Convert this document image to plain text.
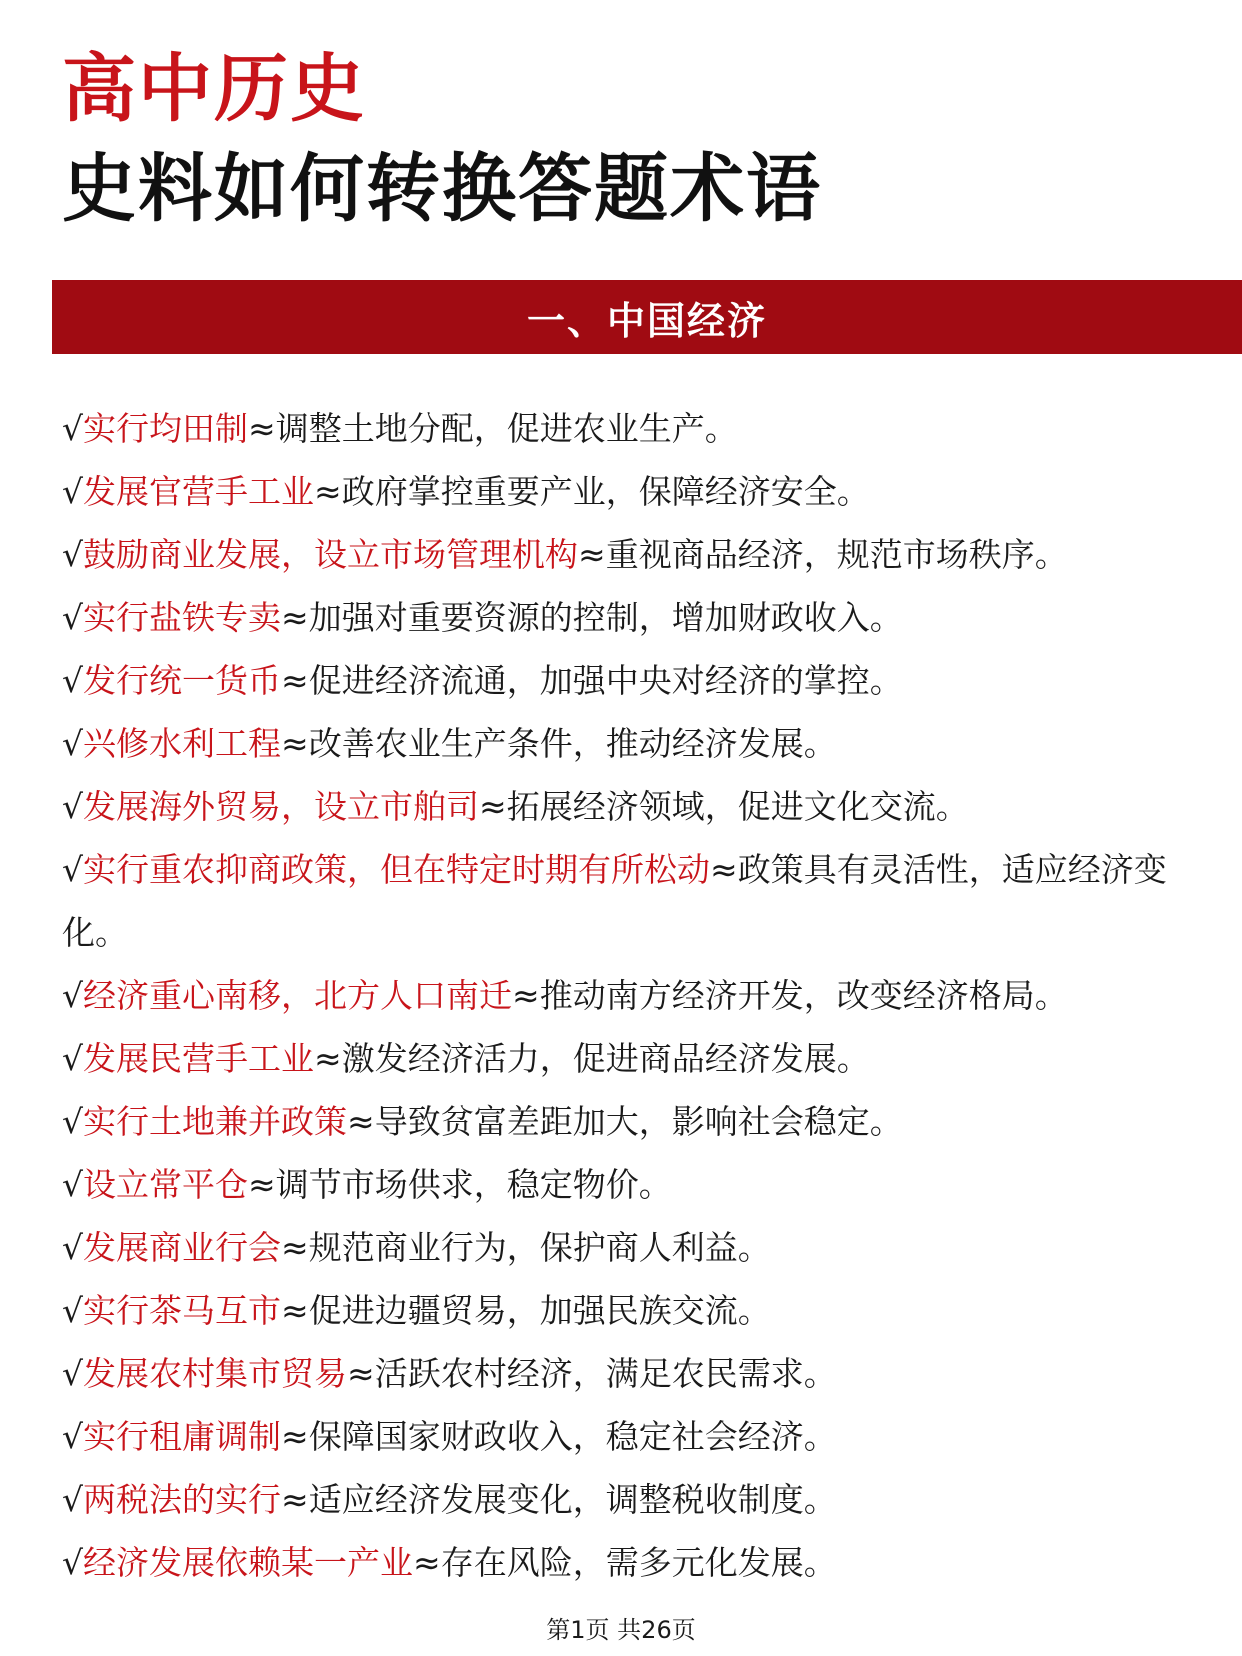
高中历史
史料如何转换答题术语
一、中国经济
√实行均田制≈调整土地分配，促进农业生产。
√发展官营手工业≈政府掌控重要产业，保障经济安全。
√鼓励商业发展，设立市场管理机构≈重视商品经济，规范市场秩序。
√实行盐铁专卖≈加强对重要资源的控制，增加财政收入。
√发行统一货币≈促进经济流通，加强中央对经济的掌控。
√兴修水利工程≈改善农业生产条件，推动经济发展。
√发展海外贸易，设立市舶司≈拓展经济领域，促进文化交流。
√实行重农抑商政策，但在特定时期有所松动≈政策具有灵活性，适应经济变化。
√经济重心南移，北方人口南迁≈推动南方经济开发，改变经济格局。
√发展民营手工业≈激发经济活力，促进商品经济发展。
√实行土地兼并政策≈导致贫富差距加大，影响社会稳定。
√设立常平仓≈调节市场供求，稳定物价。
√发展商业行会≈规范商业行为，保护商人利益。
√实行茶马互市≈促进边疆贸易，加强民族交流。
√发展农村集市贸易≈活跃农村经济，满足农民需求。
√实行租庸调制≈保障国家财政收入，稳定社会经济。
√两税法的实行≈适应经济发展变化，调整税收制度。
√经济发展依赖某一产业≈存在风险，需多元化发展。
第1页 共26页
